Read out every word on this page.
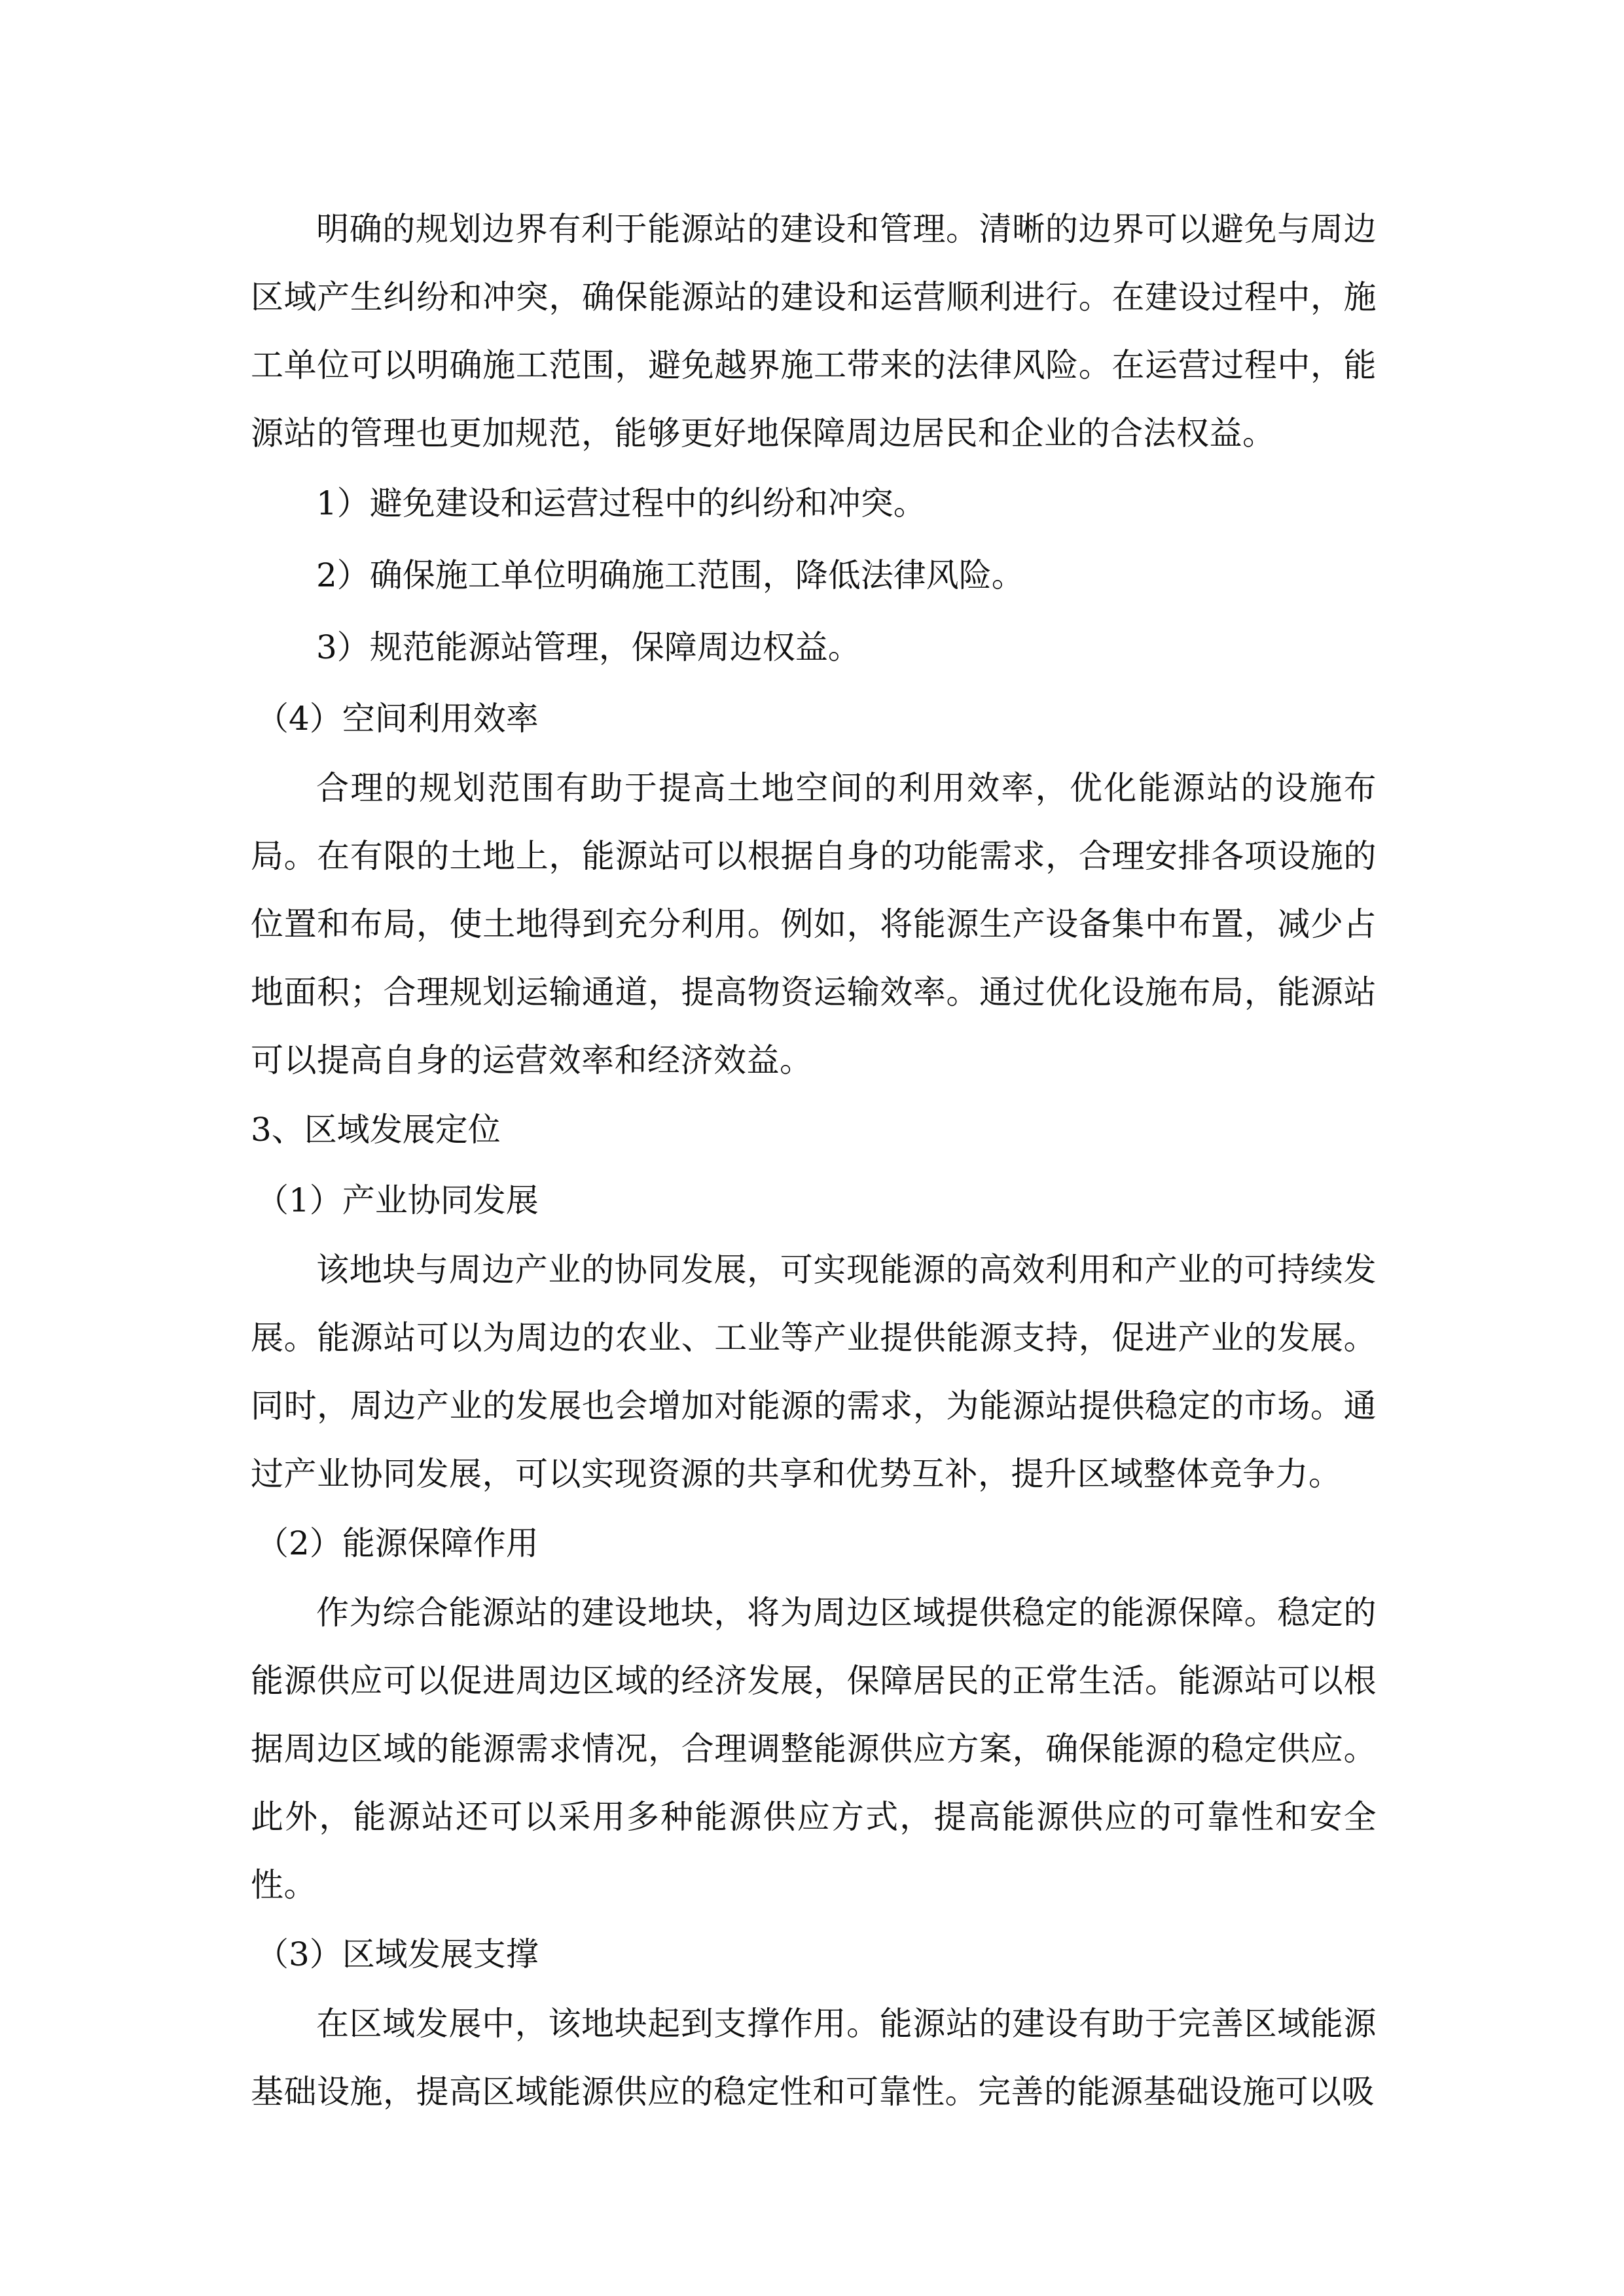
明确的规划边界有利于能源站的建设和管理。清晰的边界可以避免与周边区域产生纠纷和冲突，确保能源站的建设和运营顺利进行。在建设过程中，施工单位可以明确施工范围，避免越界施工带来的法律风险。在运营过程中，能源站的管理也更加规范，能够更好地保障周边居民和企业的合法权益。

1）避免建设和运营过程中的纠纷和冲突。

2）确保施工单位明确施工范围，降低法律风险。

3）规范能源站管理，保障周边权益。

（4）空间利用效率

合理的规划范围有助于提高土地空间的利用效率，优化能源站的设施布局。在有限的土地上，能源站可以根据自身的功能需求，合理安排各项设施的位置和布局，使土地得到充分利用。例如，将能源生产设备集中布置，减少占地面积；合理规划运输通道，提高物资运输效率。通过优化设施布局，能源站可以提高自身的运营效率和经济效益。

3、区域发展定位

（1）产业协同发展

该地块与周边产业的协同发展，可实现能源的高效利用和产业的可持续发展。能源站可以为周边的农业、工业等产业提供能源支持，促进产业的发展。同时，周边产业的发展也会增加对能源的需求，为能源站提供稳定的市场。通过产业协同发展，可以实现资源的共享和优势互补，提升区域整体竞争力。

（2）能源保障作用

作为综合能源站的建设地块，将为周边区域提供稳定的能源保障。稳定的能源供应可以促进周边区域的经济发展，保障居民的正常生活。能源站可以根据周边区域的能源需求情况，合理调整能源供应方案，确保能源的稳定供应。此外，能源站还可以采用多种能源供应方式，提高能源供应的可靠性和安全性。

（3）区域发展支撑

在区域发展中，该地块起到支撑作用。能源站的建设有助于完善区域能源基础设施，提高区域能源供应的稳定性和可靠性。完善的能源基础设施可以吸
